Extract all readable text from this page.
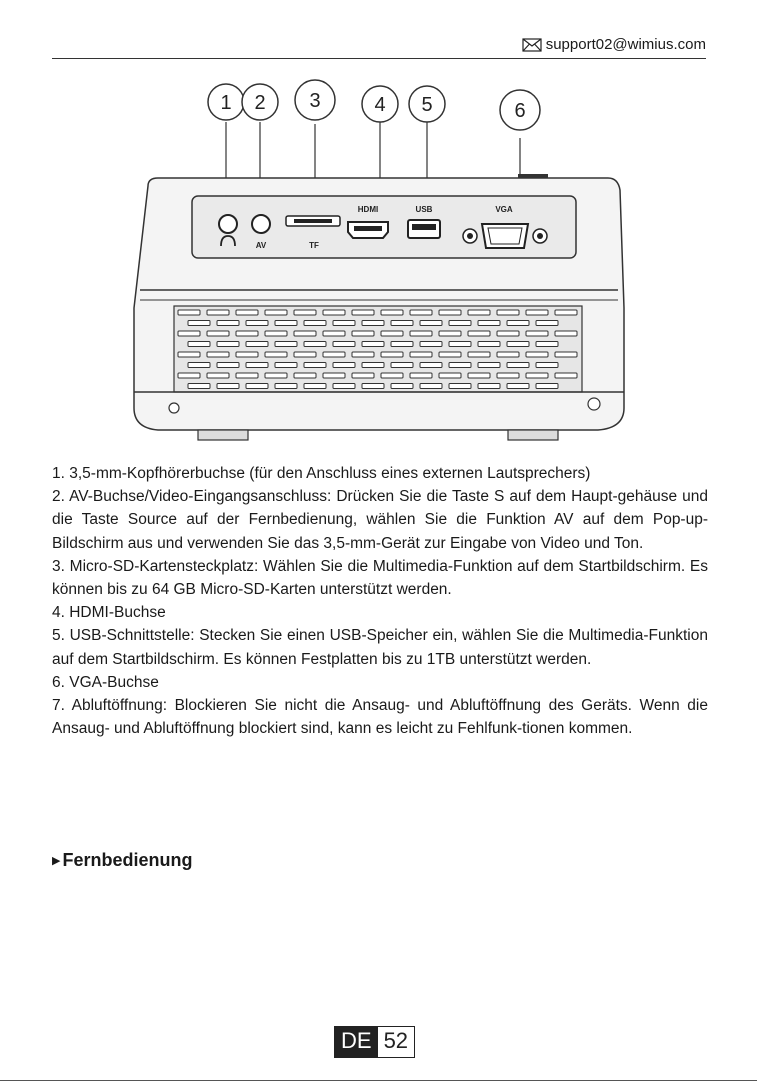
support02@wimius.com
1 2 3	4 5	6
AV	TF
HDMI	USB	VGA

1. 3,5-mm-Kopfhörerbuchse (für den Anschluss eines externen Lautsprechers)

2. AV-Buchse/Video-Eingangsanschluss: Drücken Sie die Taste S auf dem Haupt-gehäuse und die Taste Source auf der Fernbedienung, wählen Sie die Funktion AV auf dem Pop-up-Bildschirm aus und verwenden Sie das 3,5-mm-Gerät zur Eingabe von Video und Ton.

3. Micro-SD-Kartensteckplatz: Wählen Sie die Multimedia-Funktion auf dem Startbildschirm. Es können bis zu 64 GB Micro-SD-Karten unterstützt werden.

4. HDMI-Buchse

5. USB-Schnittstelle: Stecken Sie einen USB-Speicher ein, wählen Sie die Multimedia-Funktion auf dem Startbildschirm. Es können Festplatten bis zu 1TB unterstützt werden.

6. VGA-Buchse

7. Abluftöffnung: Blockieren Sie nicht die Ansaug- und Abluftöffnung des Geräts. Wenn die Ansaug- und Abluftöffnung blockiert sind, kann es leicht zu Fehlfunk-tionen kommen.

▶ Fernbedienung
DE 52
